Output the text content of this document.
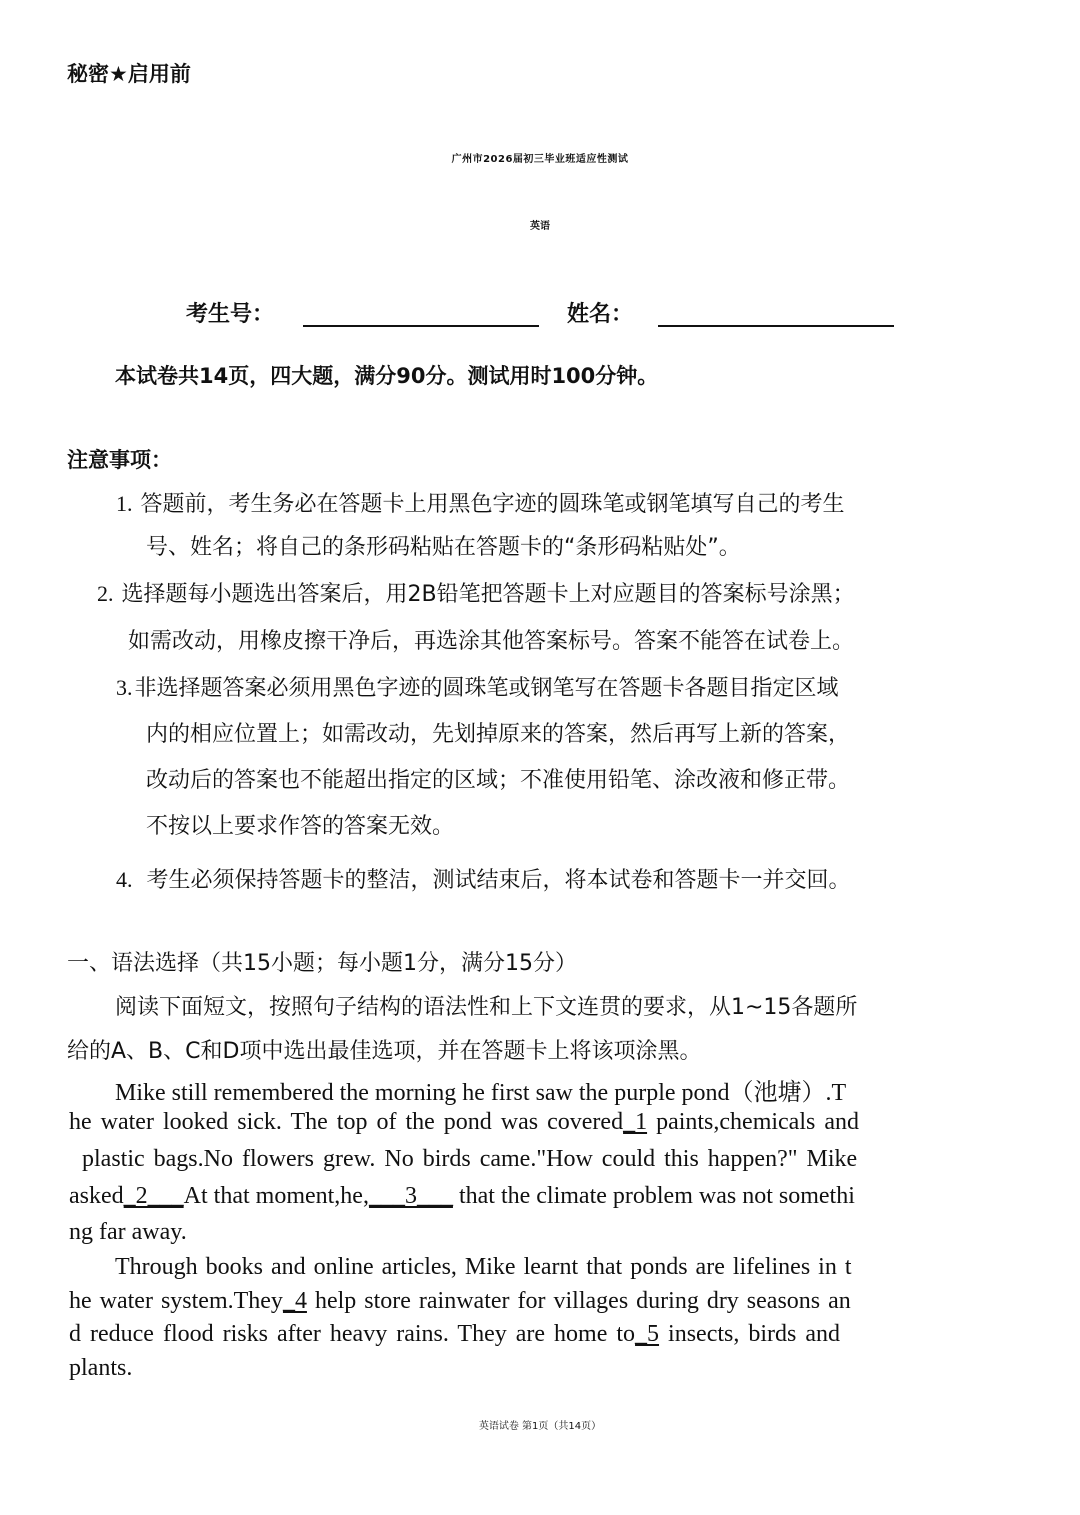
秘密★启用前
广州市2026届初三毕业班适应性测试
英语
考生号：	姓名：
本试卷共14页，四大题，满分90分。测试用时100分钟。
注意事项：
1. 答题前，考生务必在答题卡上用黑色字迹的圆珠笔或钢笔填写自己的考生
号、姓名；将自己的条形码粘贴在答题卡的“条形码粘贴处”。
2. 选择题每小题选出答案后，用2B铅笔把答题卡上对应题目的答案标号涂黑；
如需改动，用橡皮擦干净后，再选涂其他答案标号。答案不能答在试卷上。
3.非选择题答案必须用黑色字迹的圆珠笔或钢笔写在答题卡各题目指定区域
内的相应位置上；如需改动，先划掉原来的答案，然后再写上新的答案，
改动后的答案也不能超出指定的区域；不准使用铅笔、涂改液和修正带。
不按以上要求作答的答案无效。
4. 考生必须保持答题卡的整洁，测试结束后，将本试卷和答题卡一并交回。
一、语法选择（共15小题；每小题1分，满分15分）
阅读下面短文，按照句子结构的语法性和上下文连贯的要求，从1~15各题所
给的A、B、C和D项中选出最佳选项，并在答题卡上将该项涂黑。
Mike still remembered the morning he first saw the purple pond（池塘）.T
he water looked sick. The top of the pond was covered_1 paints,chemicals and
plastic bags.No flowers grew. No birds came."How could this happen?" Mike
asked_2___At that moment,he,___3___ that the climate problem was not somethi
ng far away.
Through books and online articles, Mike learnt that ponds are lifelines in t
he water system.They_4 help store rainwater for villages during dry seasons an
d reduce flood risks after heavy rains. They are home to_5 insects, birds and
plants.
英语试卷 第1页（共14页）
